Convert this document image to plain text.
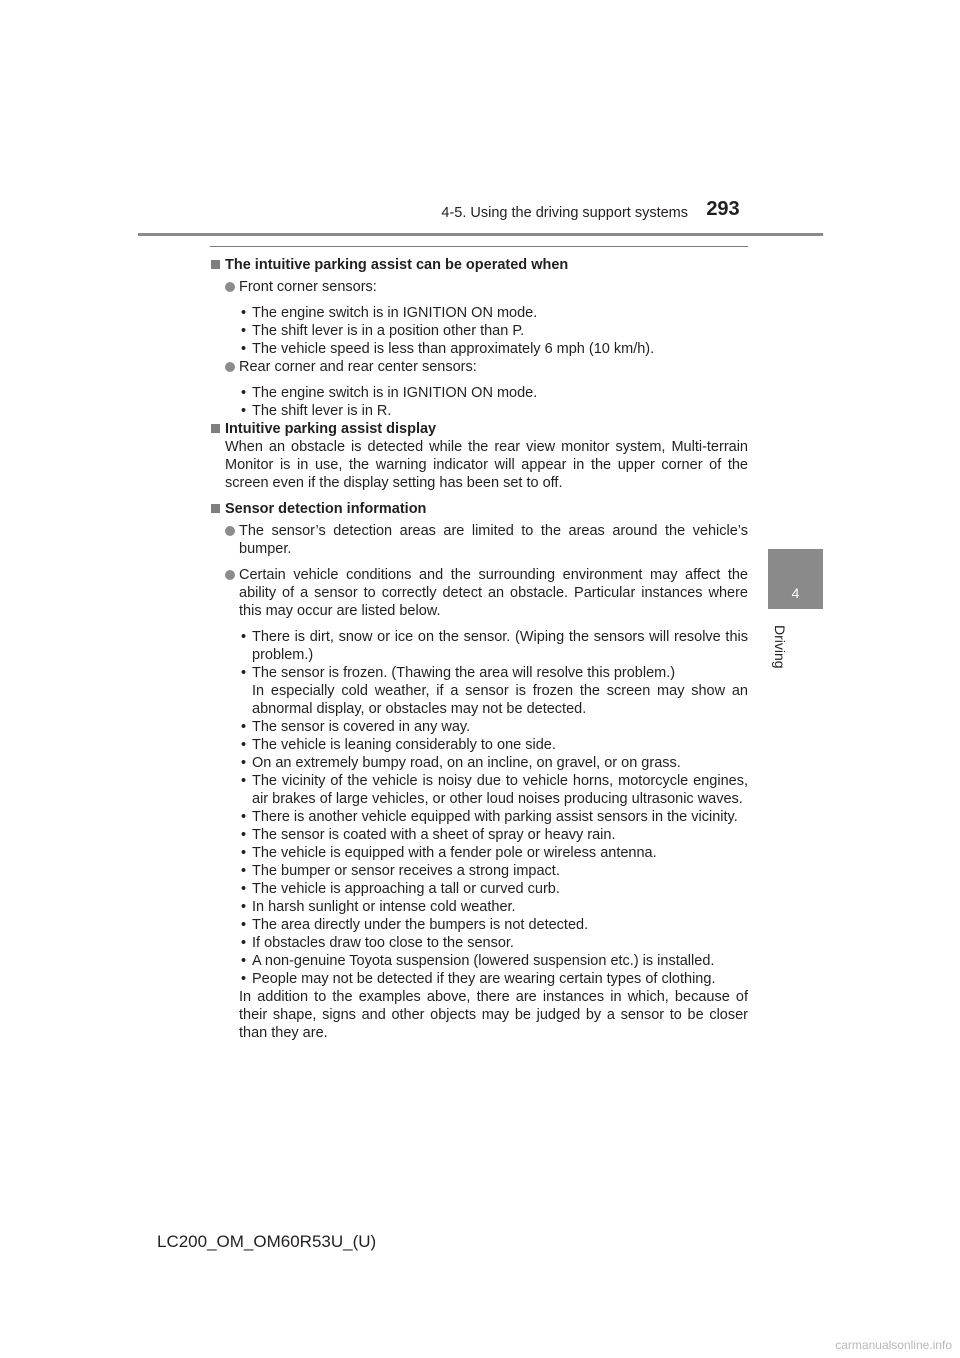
4-5. Using the driving support systems 293
4
Driving

The intuitive parking assist can be operated when

Front corner sensors:

• The engine switch is in IGNITION ON mode.

• The shift lever is in a position other than P.

• The vehicle speed is less than approximately 6 mph (10 km/h).

Rear corner and rear center sensors:

• The engine switch is in IGNITION ON mode.

• The shift lever is in R.

Intuitive parking assist display

When an obstacle is detected while the rear view monitor system, Multi-terrain Monitor is in use, the warning indicator will appear in the upper corner of the screen even if the display setting has been set to off.

Sensor detection information

The sensor’s detection areas are limited to the areas around the vehicle’s bumper.

Certain vehicle conditions and the surrounding environment may affect the ability of a sensor to correctly detect an obstacle. Particular instances where this may occur are listed below.

• There is dirt, snow or ice on the sensor. (Wiping the sensors will resolve this problem.)

• The sensor is frozen. (Thawing the area will resolve this problem.)

In especially cold weather, if a sensor is frozen the screen may show an abnormal display, or obstacles may not be detected.

• The sensor is covered in any way.

• The vehicle is leaning considerably to one side.

• On an extremely bumpy road, on an incline, on gravel, or on grass.

• The vicinity of the vehicle is noisy due to vehicle horns, motorcycle engines, air brakes of large vehicles, or other loud noises producing ultrasonic waves.

• There is another vehicle equipped with parking assist sensors in the vicinity.

• The sensor is coated with a sheet of spray or heavy rain.

• The vehicle is equipped with a fender pole or wireless antenna.

• The bumper or sensor receives a strong impact.

• The vehicle is approaching a tall or curved curb.

• In harsh sunlight or intense cold weather.

• The area directly under the bumpers is not detected.

• If obstacles draw too close to the sensor.

• A non-genuine Toyota suspension (lowered suspension etc.) is installed.

• People may not be detected if they are wearing certain types of clothing.

In addition to the examples above, there are instances in which, because of their shape, signs and other objects may be judged by a sensor to be closer than they are.

LC200_OM_OM60R53U_(U)
carmanualsonline.info
